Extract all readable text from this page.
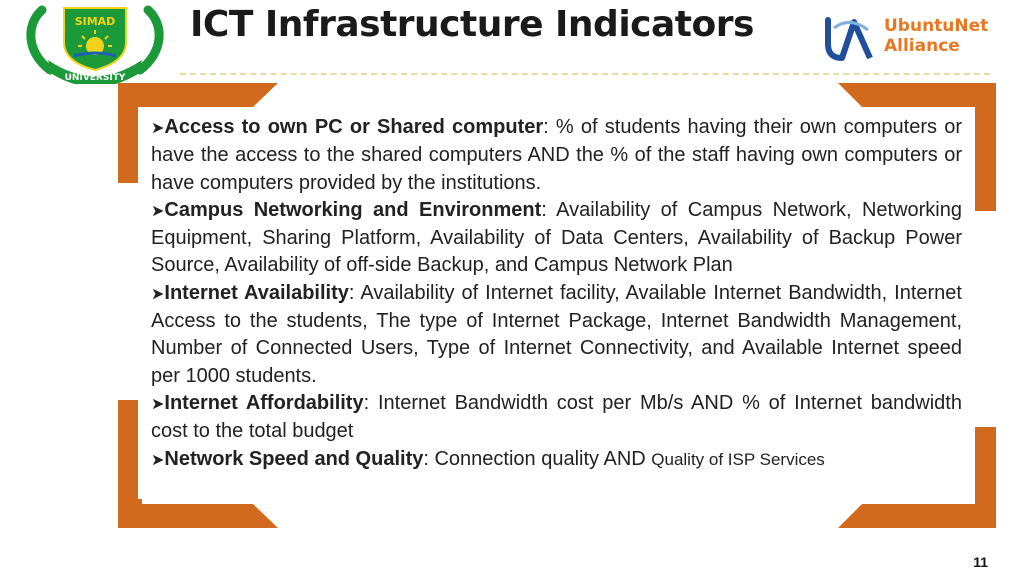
UNIVERSITY
SIMAD ICT Infrastructure Indicators	UbuntuNet
Alliance

➤Access to own PC or Shared computer: % of students having their own computers or have the access to the shared computers AND the % of the staff having own computers or have computers provided by the institutions.

➤Campus Networking and Environment: Availability of Campus Network, Networking Equipment, Sharing Platform, Availability of Data Centers, Availability of Backup Power Source, Availability of off-side Backup, and Campus Network Plan

➤Internet Availability: Availability of Internet facility, Available Internet Bandwidth, Internet Access to the students, The type of Internet Package, Internet Bandwidth Management, Number of Connected Users, Type of Internet Connectivity, and Available Internet speed per 1000 students.

➤Internet Affordability: Internet Bandwidth cost per Mb/s AND % of Internet bandwidth cost to the total budget

➤Network Speed and Quality: Connection quality AND Quality of ISP Services

11
